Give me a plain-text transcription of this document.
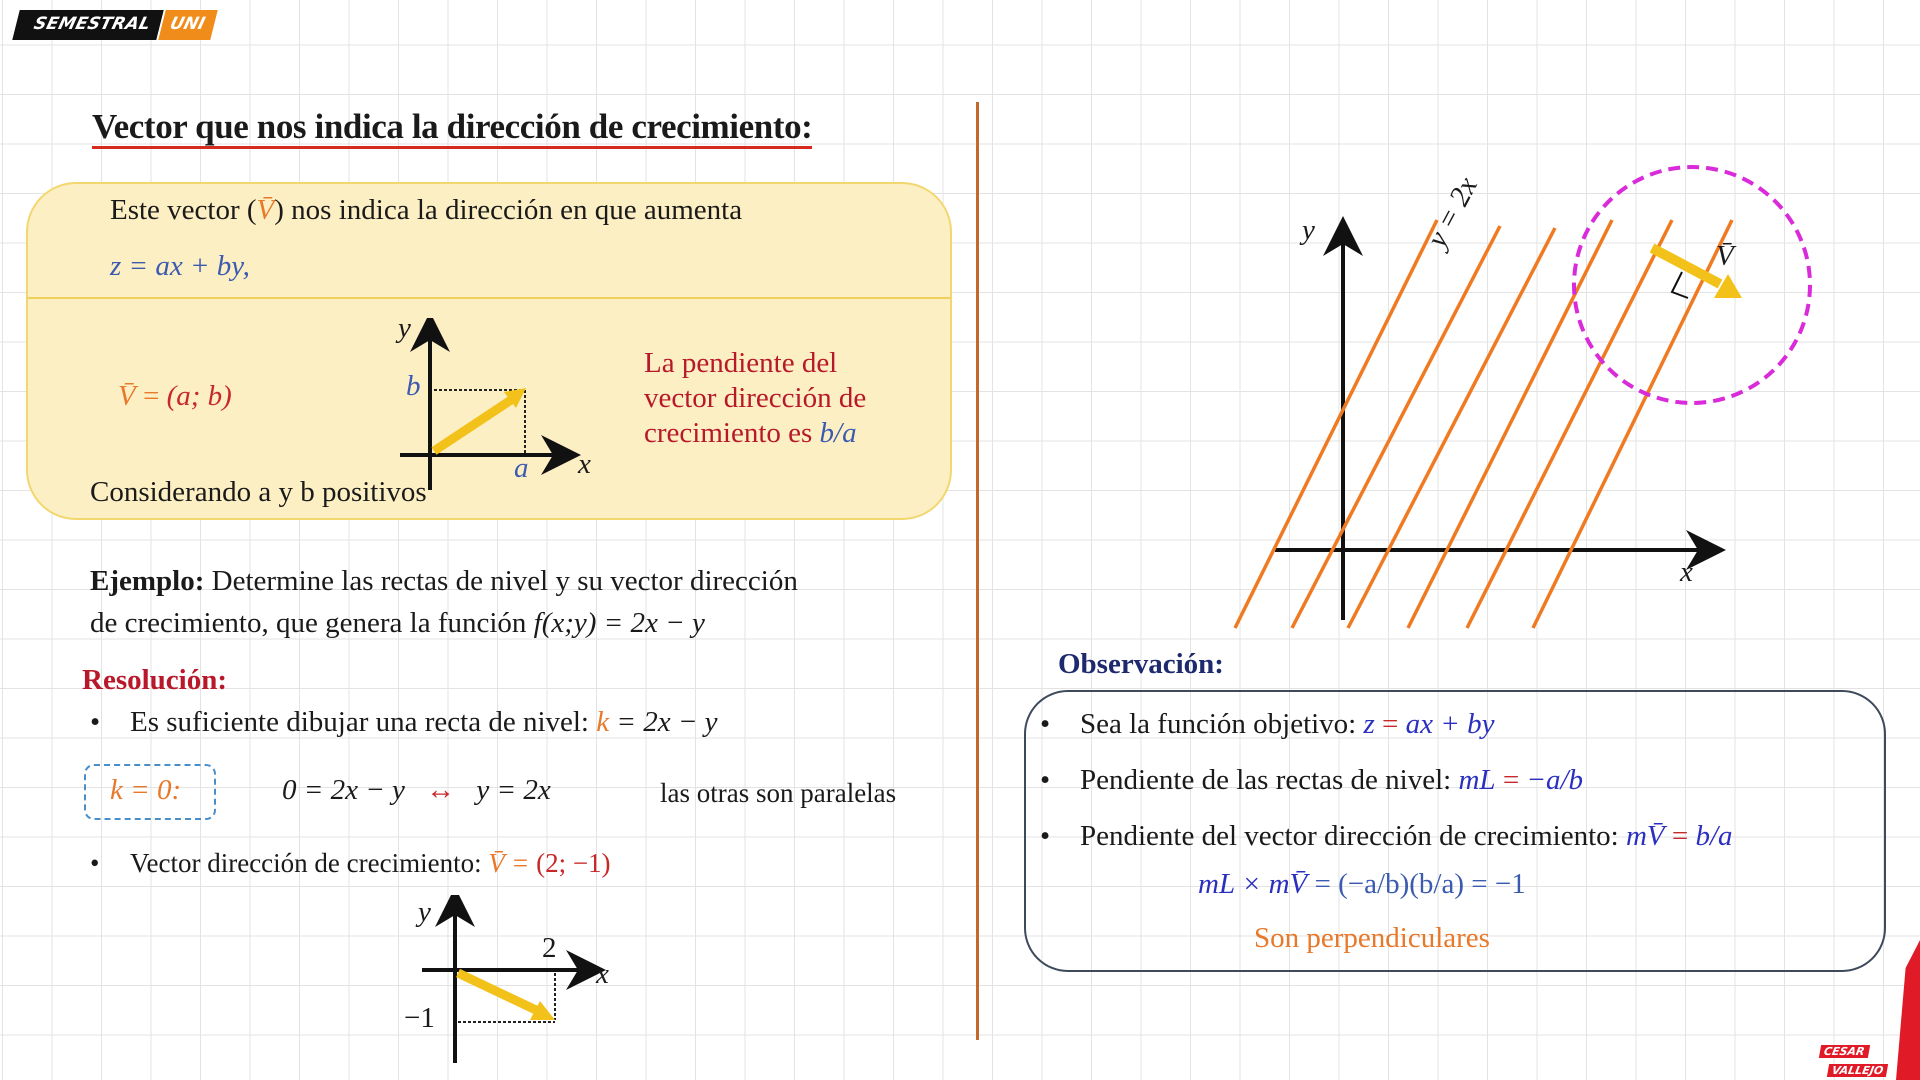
SEMESTRAL UNI
Vector que nos indica la dirección de crecimiento:
Este vector (V̄) nos indica la dirección en que aumenta
z = ax + by,
V̄ = (a; b)
y
b
a x
La pendiente del
vector dirección de
crecimiento es b/a
Considerando a y b positivos
Ejemplo: Determine las rectas de nivel y su vector dirección
de crecimiento, que genera la función f(x;y) = 2x − y
Resolución:
• Es suficiente dibujar una recta de nivel: k = 2x − y
k = 0:	0 = 2x − y ↔ y = 2x	las otras son paralelas
• Vector dirección de crecimiento: V̄ = (2; −1)
y
2
x
−1
y
x
y = 2x
V̄
Observación:
• Sea la función objetivo: z = ax + by
• Pendiente de las rectas de nivel: mL = −a/b
• Pendiente del vector dirección de crecimiento: mV̄ = b/a
mL × mV̄ = (−a/b)(b/a) = −1
Son perpendiculares
CESAR
VALLEJO
